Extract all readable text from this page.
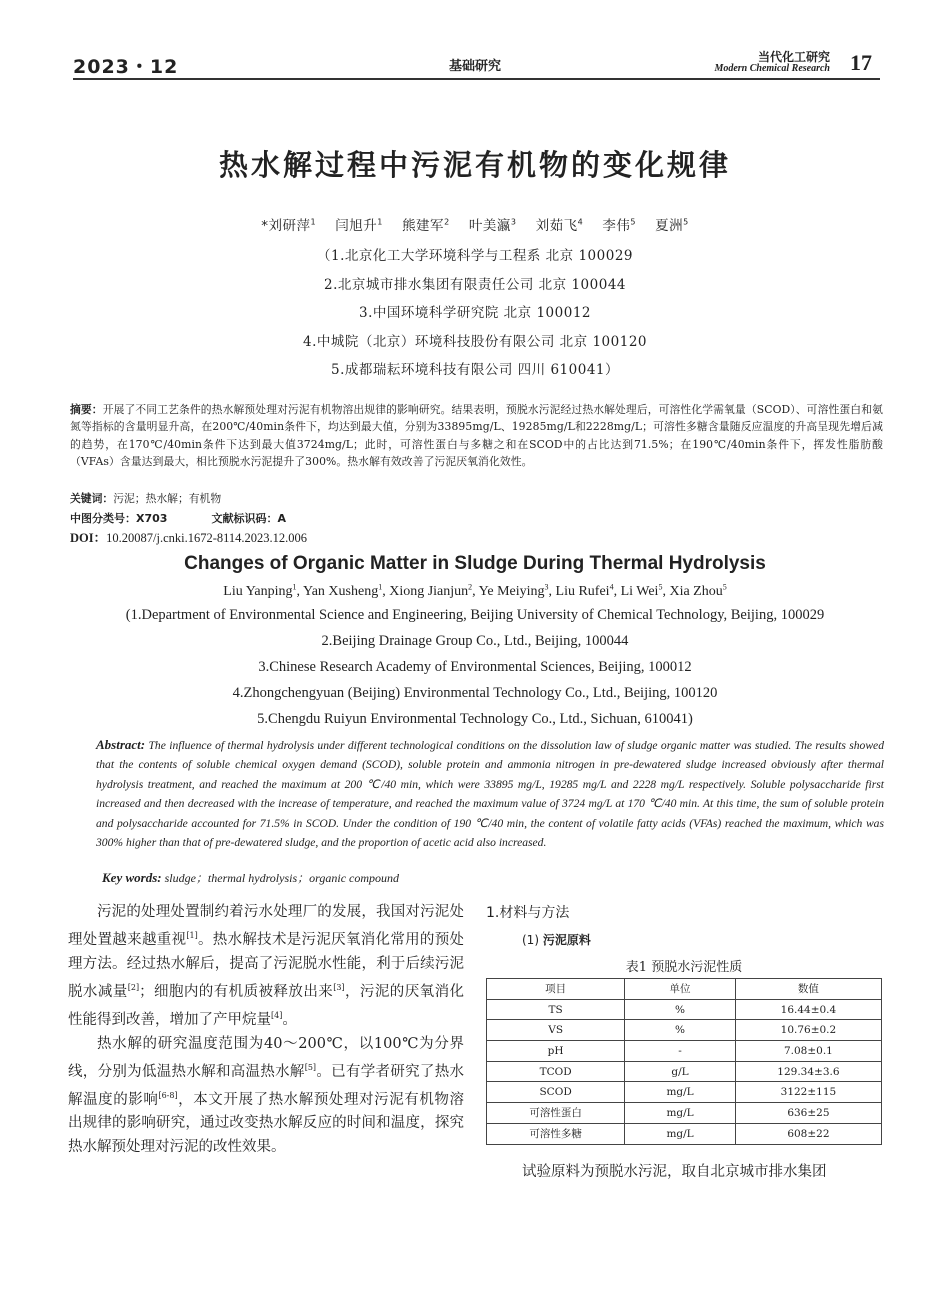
2023・12	基础研究
当代化工研究
Modern Chemical Research 17
热水解过程中污泥有机物的变化规律
*刘研萍$^1$ 闫旭升$^1$ 熊建军$^2$ 叶美瀛$^3$ 刘茹飞$^4$ 李伟$^5$ 夏洲$^5$
（1.北京化工大学环境科学与工程系 北京 100029
2.北京城市排水集团有限责任公司 北京 100044
3.中国环境科学研究院 北京 100012
4.中城院（北京）环境科技股份有限公司 北京 100120
5.成都瑞耘环境科技有限公司 四川 610041）
摘要：开展了不同工艺条件的热水解预处理对污泥有机物溶出规律的影响研究。结果表明，预脱水污泥经过热水解处理后，可溶性化学需氧量（SCOD）、可溶性蛋白和氨氮等指标的含量明显升高，在200℃/40min条件下，均达到最大值，分别为33895mg/L、19285mg/L和2228mg/L；可溶性多糖含量随反应温度的升高呈现先增后减的趋势，在170℃/40min条件下达到最大值3724mg/L；此时，可溶性蛋白与多糖之和在SCOD中的占比达到71.5%；在190℃/40min条件下，挥发性脂肪酸（VFAs）含量达到最大，相比预脱水污泥提升了300%。热水解有效改善了污泥厌氧消化效性。
关键词：污泥；热水解；有机物
中图分类号：X703	文献标识码：A
DOI：10.20087/j.cnki.1672-8114.2023.12.006
Changes of Organic Matter in Sludge During Thermal Hydrolysis
Liu Yanping$^1$, Yan Xusheng$^1$, Xiong Jianjun$^2$, Ye Meiying$^3$, Liu Rufei$^4$, Li Wei$^5$, Xia Zhou$^5$
(1.Department of Environmental Science and Engineering, Beijing University of Chemical Technology, Beijing, 100029
2.Beijing Drainage Group Co., Ltd., Beijing, 100044
3.Chinese Research Academy of Environmental Sciences, Beijing, 100012
4.Zhongchengyuan (Beijing) Environmental Technology Co., Ltd., Beijing, 100120
5.Chengdu Ruiyun Environmental Technology Co., Ltd., Sichuan, 610041)
Abstract: The influence of thermal hydrolysis under different technological conditions on the dissolution law of sludge organic matter was studied. The results showed that the contents of soluble chemical oxygen demand (SCOD), soluble protein and ammonia nitrogen in pre-dewatered sludge increased obviously after thermal hydrolysis treatment, and reached the maximum at 200 ℃/40 min, which were 33895 mg/L, 19285 mg/L and 2228 mg/L respectively. Soluble polysaccharide first increased and then decreased with the increase of temperature, and reached the maximum value of 3724 mg/L at 170 ℃/40 min. At this time, the sum of soluble protein and polysaccharide accounted for 71.5% in SCOD. Under the condition of 190 ℃/40 min, the content of volatile fatty acids (VFAs) reached the maximum, which was 300% higher than that of pre-dewatered sludge, and the proportion of acetic acid also increased.
Key words: sludge；thermal hydrolysis；organic compound

污泥的处理处置制约着污水处理厂的发展，我国对污泥处理处置越来越重视[1]。热水解技术是污泥厌氧消化常用的预处理方法。经过热水解后，提高了污泥脱水性能，利于后续污泥脱水减量[2]；细胞内的有机质被释放出来[3]，污泥的厌氧消化性能得到改善，增加了产甲烷量[4]。

热水解的研究温度范围为40～200℃，以100℃为分界线，分别为低温热水解和高温热水解[5]。已有学者研究了热水解温度的影响[6-8]，本文开展了热水解预处理对污泥有机物溶出规律的影响研究，通过改变热水解反应的时间和温度，探究热水解预处理对污泥的改性效果。

1.材料与方法
(1) 污泥原料
表1 预脱水污泥性质
项目	单位	数值
TS	%	16.44±0.4
VS	%	10.76±0.2
pH	-	7.08±0.1
TCOD	g/L	129.34±3.6
SCOD	mg/L	3122±115
可溶性蛋白	mg/L	636±25
可溶性多糖	mg/L	608±22
试验原料为预脱水污泥，取自北京城市排水集团
